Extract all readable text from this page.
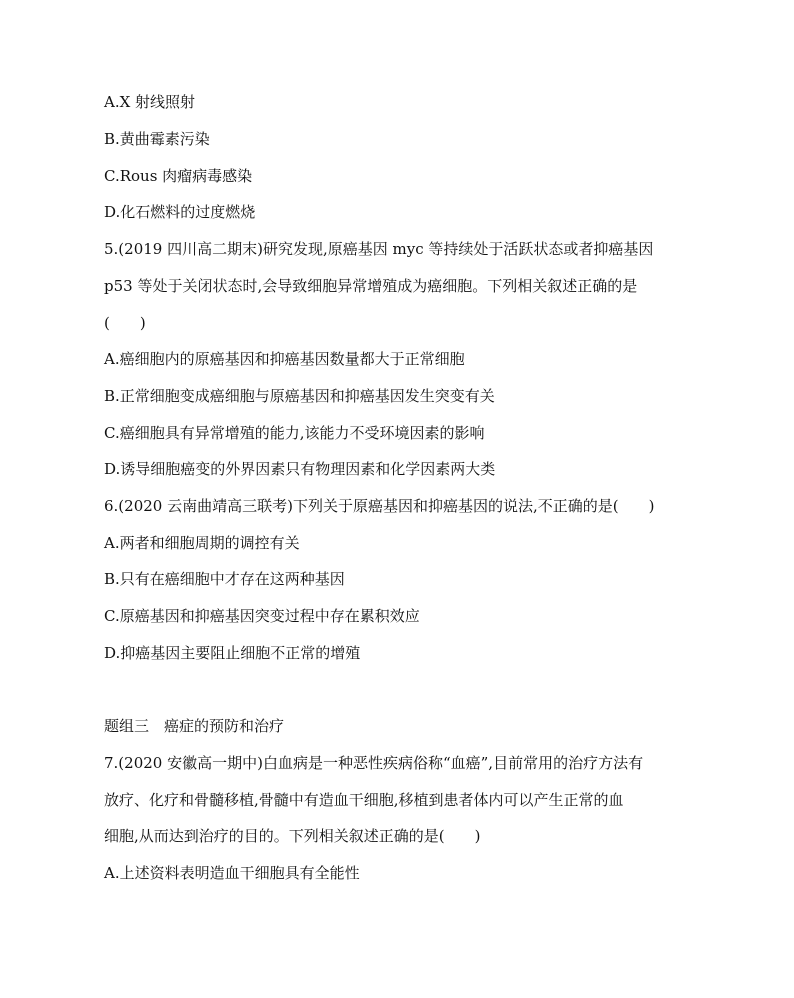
A.X 射线照射
B.黄曲霉素污染
C.Rous 肉瘤病毒感染
D.化石燃料的过度燃烧
5.(2019 四川高二期末)研究发现,原癌基因 myc 等持续处于活跃状态或者抑癌基因
p53 等处于关闭状态时,会导致细胞异常增殖成为癌细胞。下列相关叙述正确的是
(　　)
A.癌细胞内的原癌基因和抑癌基因数量都大于正常细胞
B.正常细胞变成癌细胞与原癌基因和抑癌基因发生突变有关
C.癌细胞具有异常增殖的能力,该能力不受环境因素的影响
D.诱导细胞癌变的外界因素只有物理因素和化学因素两大类
6.(2020 云南曲靖高三联考)下列关于原癌基因和抑癌基因的说法,不正确的是(　　)
A.两者和细胞周期的调控有关
B.只有在癌细胞中才存在这两种基因
C.原癌基因和抑癌基因突变过程中存在累积效应
D.抑癌基因主要阻止细胞不正常的增殖
题组三　癌症的预防和治疗
7.(2020 安徽高一期中)白血病是一种恶性疾病俗称“血癌”,目前常用的治疗方法有
放疗、化疗和骨髓移植,骨髓中有造血干细胞,移植到患者体内可以产生正常的血
细胞,从而达到治疗的目的。下列相关叙述正确的是(　　)
A.上述资料表明造血干细胞具有全能性
